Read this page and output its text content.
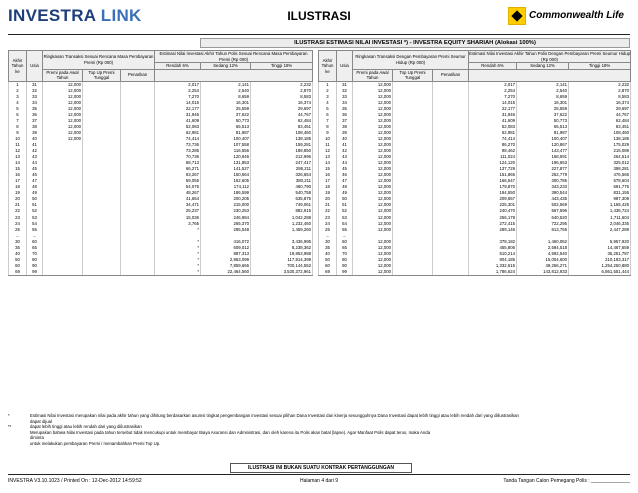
INVESTRA LINK	ILUSTRASI	Commonwealth Life
ILUSTRASI ESTIMASI NILAI INVESTASI *) - INVESTRA EQUITY SHARIAH (Alokasi 100%)
Akhir Tahun ke	Usia	Ringkasan Transaksi Sesuai Rencana Masa Pembayaran Premi (Rp 000)			Estimasi Nilai Investasi Akhir Tahun Polis Sesuai Rencana Masa Pembayaran Premi (Rp 000)		
					Rendah 6%	Sedang 12%	Tinggi 18%
		Premi pada Awal Tahun	Top Up Premi Tunggal	Penarikan			
1	31	12,000			2,017	2,141	2,232
2	32	12,000			2,254	2,540	2,870
3	33	12,000			7,270	8,659	8,583
4	34	12,000			14,015	16,301	16,374
5	35	12,000			22,177	25,559	29,697
6	36	12,000			31,946	37,622	44,767
7	37	12,000			41,609	50,773	62,484
8	38	12,000			52,083	65,513	83,451
9	39	12,000			62,981	81,987	108,460
10	40	12,000			74,414	100,407	138,185
11	41				73,736	107,558	159,281
12	42				73,285	116,556	188,850
13	43				70,736	120,946	212,996
14	44				68,713	131,853	247,417
15	45				66,271	141,527	286,211
16	46				63,267	150,664	326,654
17	47				59,055	162,605	380,211
18	48				54,075	174,112	460,790
19	49				48,267	186,599	540,758
20	50				41,654	200,205	635,875
21	51				34,471	215,000	749,061
22	52				25,237	230,253	882,915
23	53				15,036	246,984	1,042,288
24	54				3,765	265,370	1,232,460
25	55				*	285,548	1,459,260
...	...						
30	60				*	416,072	3,436,995
35	65				*	609,012	8,238,362
40	70				*	887,313	19,853,988
50	80				*	2,963,099	117,914,399
60	90				*	7,859,666	700,144,552
69	99				*	22,464,560	3,530,372,961
Akhir Tahun ke	Usia	Ringkasan Transaksi Dengan Pembayaran Premi Seumur Hidup (Rp 000)			Estimasi Nilai Investasi Akhir Tahun Polis Dengan Pembayaran Premi Seumur Hidup (Rp 000)		
					Rendah 6%	Sedang 12%	Tinggi 18%
		Premi pada Awal Tahun	Top Up Premi Tunggal	Penarikan			
1	31	12,000			2,017	2,141	2,232
2	32	12,000			2,254	2,540	2,870
3	33	12,000			7,270	8,659	8,583
4	34	12,000			14,015	16,301	16,374
5	35	12,000			22,177	25,559	29,697
6	36	12,000			31,946	37,622	44,767
7	37	12,000			41,609	50,773	62,484
8	38	12,000			52,083	65,513	83,451
9	39	12,000			62,981	81,987	108,460
10	40	12,000			74,414	100,407	138,185
11	41	12,000			86,270	120,867	175,029
12	42	12,000			98,462	143,477	215,089
13	43	12,000			111,024	168,591	264,514
14	44	12,000			124,120	196,653	325,012
15	45	12,000			137,729	227,877	398,281
16	46	12,000			151,866	262,779	476,566
17	47	12,000			166,547	300,785	578,604
18	48	12,000			179,870	343,233	691,775
19	49	12,000			194,550	390,544	831,155
20	50	12,000			209,657	443,435	987,309
21	51	12,000			225,301	502,569	1,165,425
22	52	12,000			240,470	567,596	1,436,724
23	53	12,000			256,179	640,520	1,711,604
24	54	12,000			272,415	722,295	2,046,335
25	55	12,000			289,146	813,755	2,447,289
...	...						
30	60	12,000			378,182	1,460,052	5,957,920
35	65	12,000			455,806	2,594,518	14,467,659
40	70	12,000			510,214	4,592,540	35,251,787
50	80	12,000			804,185	15,004,600	210,193,317
60	90	12,000			1,332,615	49,256,271	1,254,250,880
69	99	12,000			1,786,624	143,812,933	6,861,551,444
*	Estimasi Nilai Investasi merupakan nilai pada akhir tahun yang dihitung berdasarkan asumsi tingkat pengembangan investasi sesuai pilihan Dana Investasi dan kinerja sesungguhnya Dana Investasi dapat lebih tinggi atau lebih rendah dari yang diilustrasikan
dapat dijual
**	dapat lebih tinggi atau lebih rendah dari yang diilustrasikan
Merupakan bahwa Nilai Investasi pada tahun tersebut tidak mencukupi untuk membayar Biaya Asuransi dan Administrasi, dan oleh karena itu Polis akan batal (lapse). Agar Manfaat Polis dapat terus, maka Anda
diminta
untuk melakukan pembayaran Premi / menambahkan Premi Top Up.
ILUSTRASI INI BUKAN SUATU KONTRAK PERTANGGUNGAN
INVESTRA V3.10.1023 / Printed On : 12-Dec-2012 14:59:52	Halaman 4 dari 9	Tanda Tangan Calon Pemegang Polis : ______________
